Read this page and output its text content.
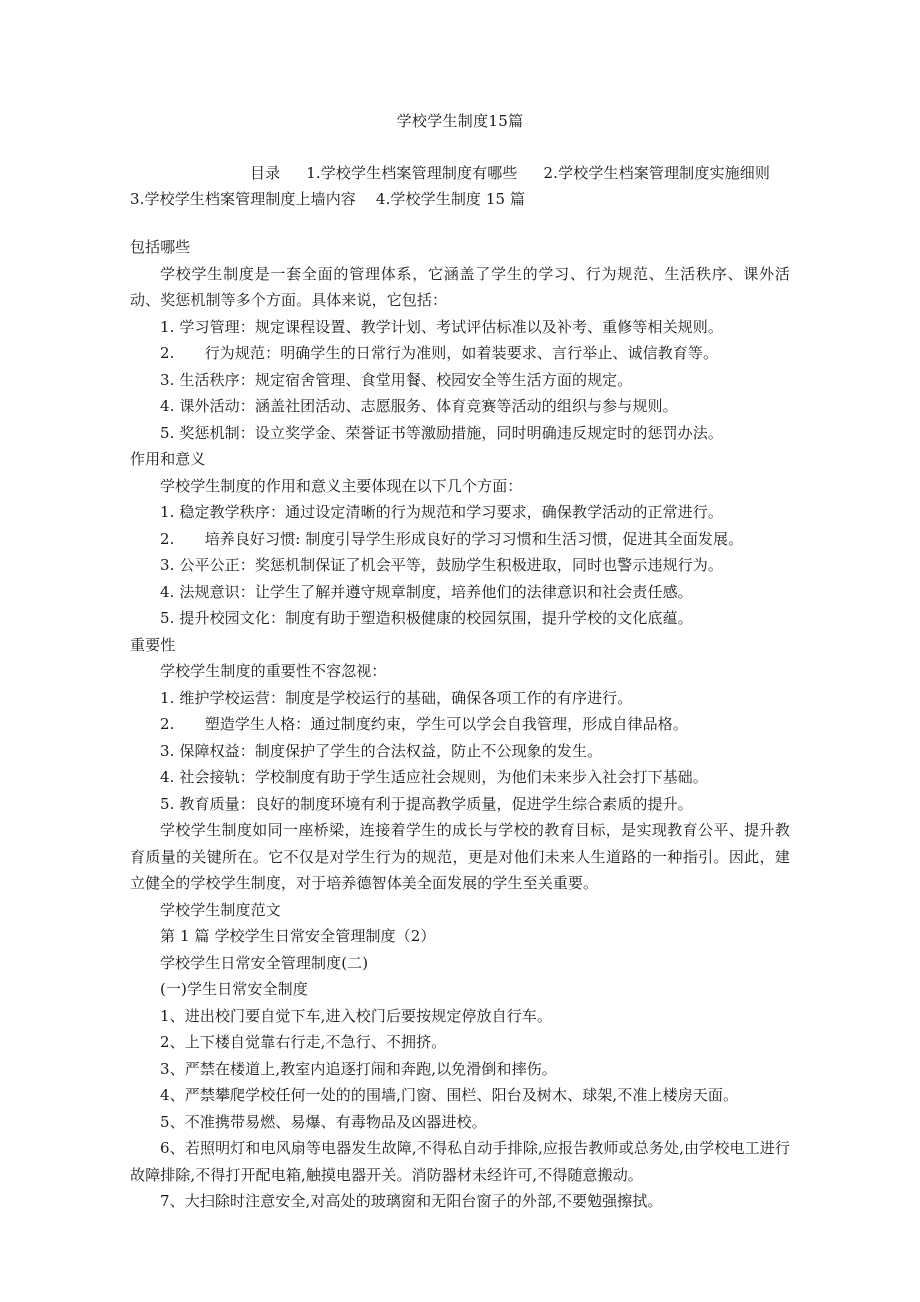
学校学生制度15篇
目录 1.学校学生档案管理制度有哪些 2.学校学生档案管理制度实施细则3.学校学生档案管理制度上墙内容 4.学校学生制度 15 篇
包括哪些
学校学生制度是一套全面的管理体系，它涵盖了学生的学习、行为规范、生活秩序、课外活动、奖惩机制等多个方面。具体来说，它包括：
1. 学习管理：规定课程设置、教学计划、考试评估标准以及补考、重修等相关规则。
2.　　行为规范：明确学生的日常行为准则，如着装要求、言行举止、诚信教育等。
3. 生活秩序：规定宿舍管理、食堂用餐、校园安全等生活方面的规定。
4. 课外活动：涵盖社团活动、志愿服务、体育竞赛等活动的组织与参与规则。
5. 奖惩机制：设立奖学金、荣誉证书等激励措施，同时明确违反规定时的惩罚办法。
作用和意义
学校学生制度的作用和意义主要体现在以下几个方面：
1. 稳定教学秩序：通过设定清晰的行为规范和学习要求，确保教学活动的正常进行。
2.　　培养良好习惯: 制度引导学生形成良好的学习习惯和生活习惯，促进其全面发展。
3. 公平公正：奖惩机制保证了机会平等，鼓励学生积极进取，同时也警示违规行为。
4. 法规意识：让学生了解并遵守规章制度，培养他们的法律意识和社会责任感。
5. 提升校园文化：制度有助于塑造积极健康的校园氛围，提升学校的文化底蕴。
重要性
学校学生制度的重要性不容忽视：
1. 维护学校运营：制度是学校运行的基础，确保各项工作的有序进行。
2.　　塑造学生人格：通过制度约束，学生可以学会自我管理，形成自律品格。
3. 保障权益：制度保护了学生的合法权益，防止不公现象的发生。
4. 社会接轨：学校制度有助于学生适应社会规则，为他们未来步入社会打下基础。
5. 教育质量：良好的制度环境有利于提高教学质量，促进学生综合素质的提升。
学校学生制度如同一座桥梁，连接着学生的成长与学校的教育目标，是实现教育公平、提升教育质量的关键所在。它不仅是对学生行为的规范，更是对他们未来人生道路的一种指引。因此，建立健全的学校学生制度，对于培养德智体美全面发展的学生至关重要。
学校学生制度范文
第 1 篇 学校学生日常安全管理制度（2）
学校学生日常安全管理制度(二)
(一)学生日常安全制度
1、进出校门要自觉下车,进入校门后要按规定停放自行车。
2、上下楼自觉靠右行走,不急行、不拥挤。
3、严禁在楼道上,教室内追逐打闹和奔跑,以免滑倒和摔伤。
4、严禁攀爬学校任何一处的的围墙,门窗、围栏、阳台及树木、球架,不准上楼房天面。
5、不准携带易燃、易爆、有毒物品及凶器进校。
6、若照明灯和电风扇等电器发生故障,不得私自动手排除,应报告教师或总务处,由学校电工进行故障排除,不得打开配电箱,触摸电器开关。消防器材未经许可,不得随意搬动。
7、大扫除时注意安全,对高处的玻璃窗和无阳台窗子的外部,不要勉强擦拭。
